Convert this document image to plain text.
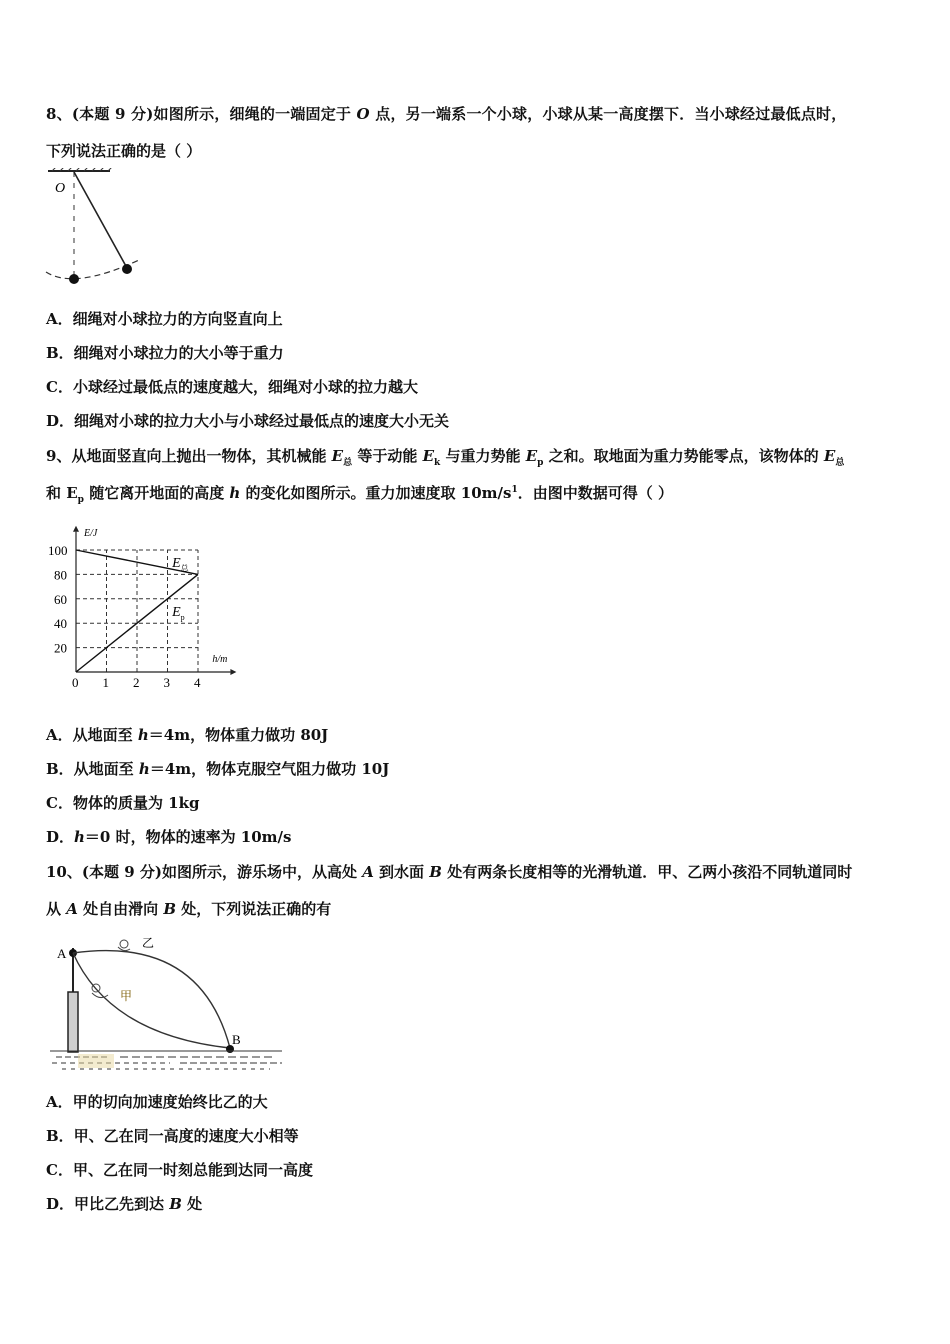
8、(本题 9 分)如图所示，细绳的一端固定于 O 点，另一端系一个小球，小球从某一高度摆下．当小球经过最低点时，
下列说法正确的是（ ）
O
A．细绳对小球拉力的方向竖直向上
B．细绳对小球拉力的大小等于重力
C．小球经过最低点的速度越大，细绳对小球的拉力越大
D．细绳对小球的拉力大小与小球经过最低点的速度大小无关
9、从地面竖直向上抛出一物体，其机械能 $E_总$ 等于动能 $E_k$ 与重力势能 $E_p$ 之和。取地面为重力势能零点，该物体的 $E_总$
和 $E_p$ 随它离开地面的高度 h 的变化如图所示。重力加速度取 $10m/s^1$．由图中数据可得（ ）
h/m
E/J
0 1 2 3 4
20
40
60
80
100
$E_总$
$E_p$
A．从地面至 h＝4m，物体重力做功 80J
B．从地面至 h＝4m，物体克服空气阻力做功 10J
C．物体的质量为 1kg
D．h＝0 时，物体的速率为 10m/s
10、(本题 9 分)如图所示，游乐场中，从高处 A 到水面 B 处有两条长度相等的光滑轨道．甲、乙两小孩沿不同轨道同时
从 A 处自由滑向 B 处，下列说法正确的有
A
B
乙
甲
A．甲的切向加速度始终比乙的大
B．甲、乙在同一高度的速度大小相等
C．甲、乙在同一时刻总能到达同一高度
D．甲比乙先到达 B 处
